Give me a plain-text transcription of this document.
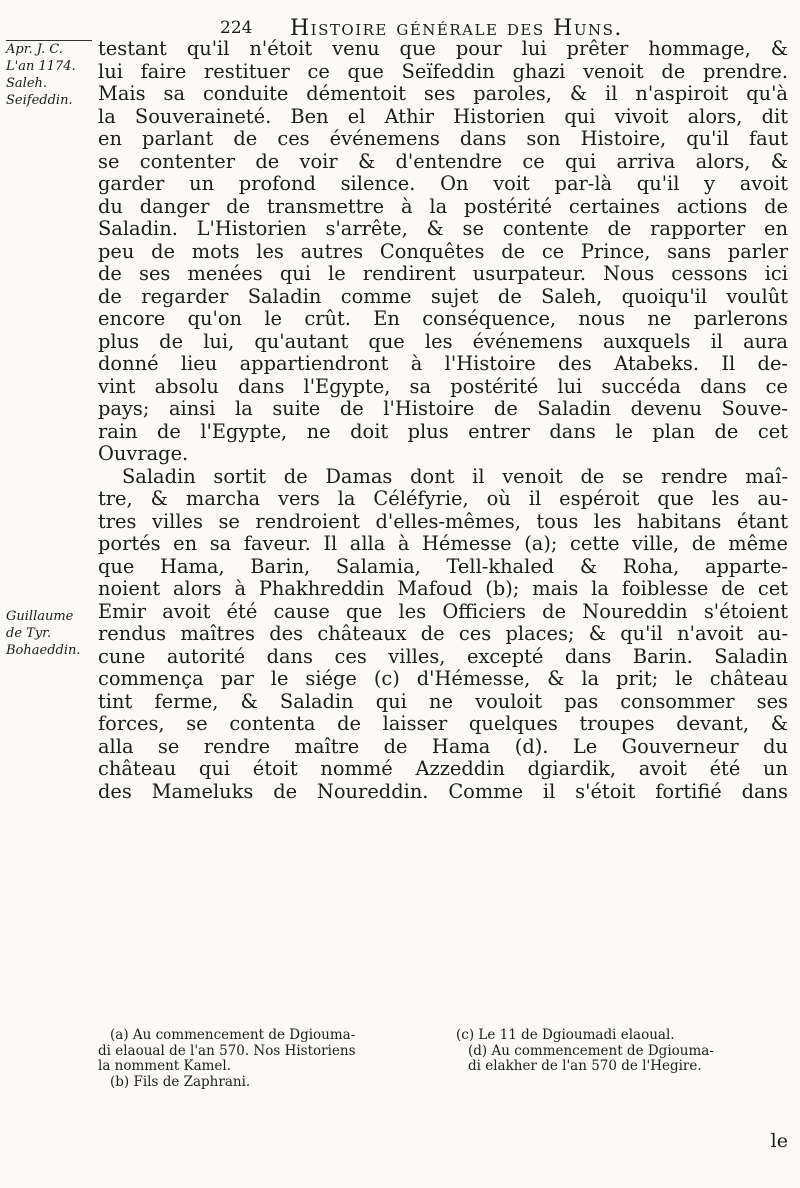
224 Histoire générale des Huns.
Apr. J. C.
L'an 1174.
Saleh.
Seifeddin.
Guillaume
de Tyr.
Bohaeddin.
testant qu'il n'étoit venu que pour lui prêter hommage, &
lui faire restituer ce que Seïfeddin ghazi venoit de prendre.
Mais sa conduite démentoit ses paroles, & il n'aspiroit qu'à
la Souveraineté. Ben el Athir Historien qui vivoit alors, dit
en parlant de ces événemens dans son Histoire, qu'il faut
se contenter de voir & d'entendre ce qui arriva alors, &
garder un profond silence. On voit par-là qu'il y avoit
du danger de transmettre à la postérité certaines actions de
Saladin. L'Historien s'arrête, & se contente de rapporter en
peu de mots les autres Conquêtes de ce Prince, sans parler
de ses menées qui le rendirent usurpateur. Nous cessons ici
de regarder Saladin comme sujet de Saleh, quoiqu'il voulût
encore qu'on le crût. En conséquence, nous ne parlerons
plus de lui, qu'autant que les événemens auxquels il aura
donné lieu appartiendront à l'Histoire des Atabeks. Il de-
vint absolu dans l'Egypte, sa postérité lui succéda dans ce
pays; ainsi la suite de l'Histoire de Saladin devenu Souve-
rain de l'Egypte, ne doit plus entrer dans le plan de cet
Ouvrage.
Saladin sortit de Damas dont il venoit de se rendre maî-
tre, & marcha vers la Céléfyrie, où il espéroit que les au-
tres villes se rendroient d'elles-mêmes, tous les habitans étant
portés en sa faveur. Il alla à Hémesse (a); cette ville, de même
que Hama, Barin, Salamia, Tell-khaled & Roha, apparte-
noient alors à Phakhreddin Mafoud (b); mais la foiblesse de cet
Emir avoit été cause que les Officiers de Noureddin s'étoient
rendus maîtres des châteaux de ces places; & qu'il n'avoit au-
cune autorité dans ces villes, excepté dans Barin. Saladin
commença par le siége (c) d'Hémesse, & la prit; le château
tint ferme, & Saladin qui ne vouloit pas consommer ses
forces, se contenta de laisser quelques troupes devant, &
alla se rendre maître de Hama (d). Le Gouverneur du
château qui étoit nommé Azzeddin dgiardik, avoit été un
des Mameluks de Noureddin. Comme il s'étoit fortifié dans
(a) Au commencement de Dgiouma-
di elaoual de l'an 570. Nos Historiens
la nomment Kamel.
(b) Fils de Zaphrani.
(c) Le 11 de Dgioumadi elaoual.
(d) Au commencement de Dgiouma-
di elakher de l'an 570 de l'Hegire.
le
